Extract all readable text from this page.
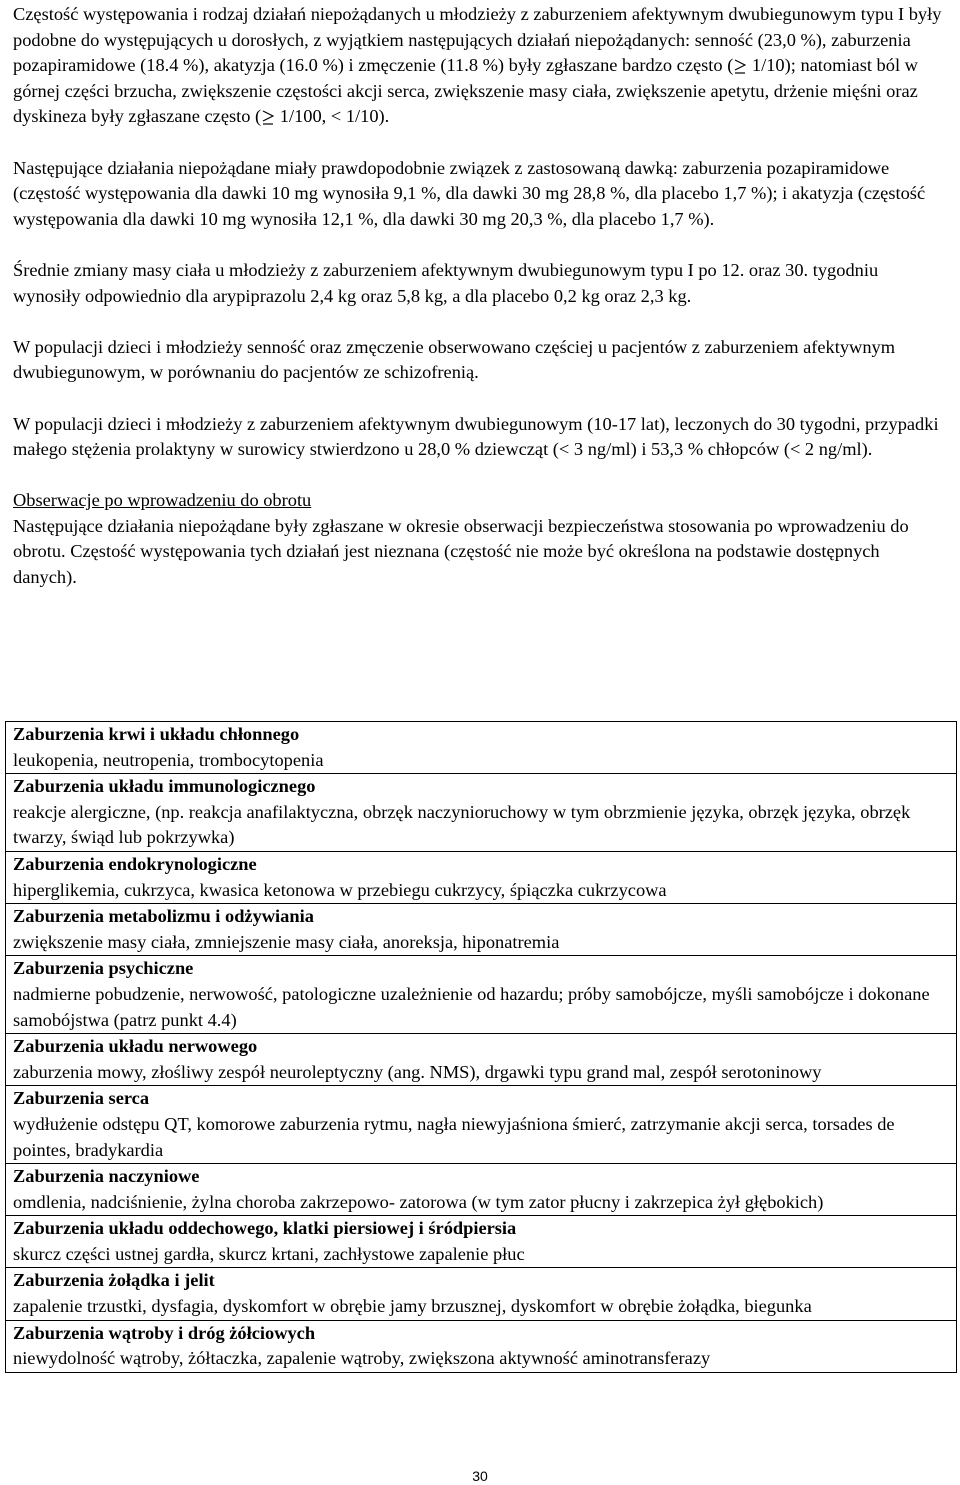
Częstość występowania i rodzaj działań niepożądanych u młodzieży z zaburzeniem afektywnym dwubiegunowym typu I były podobne do występujących u dorosłych, z wyjątkiem następujących działań niepożądanych: senność (23,0 %), zaburzenia pozapiramidowe (18.4 %), akatyzja (16.0 %) i zmęczenie (11.8 %) były zgłaszane bardzo często ( 1/10); natomiast ból w górnej części brzucha, zwiększenie częstości akcji serca, zwiększenie masy ciała, zwiększenie apetytu, drżenie mięśni oraz dyskineza były zgłaszane często ( 1/100, < 1/10).

Następujące działania niepożądane miały prawdopodobnie związek z zastosowaną dawką: zaburzenia pozapiramidowe (częstość występowania dla dawki 10 mg wynosiła 9,1 %, dla dawki 30 mg 28,8 %, dla placebo 1,7 %); i akatyzja (częstość występowania dla dawki 10 mg wynosiła 12,1 %, dla dawki 30 mg 20,3 %, dla placebo 1,7 %).

Średnie zmiany masy ciała u młodzieży z zaburzeniem afektywnym dwubiegunowym typu I po 12. oraz 30. tygodniu wynosiły odpowiednio dla arypiprazolu 2,4 kg oraz 5,8 kg, a dla placebo 0,2 kg oraz 2,3 kg.

W populacji dzieci i młodzieży senność oraz zmęczenie obserwowano częściej u pacjentów z zaburzeniem afektywnym dwubiegunowym, w porównaniu do pacjentów ze schizofrenią.

W populacji dzieci i młodzieży z zaburzeniem afektywnym dwubiegunowym (10-17 lat), leczonych do 30 tygodni, przypadki małego stężenia prolaktyny w surowicy stwierdzono u 28,0 % dziewcząt (< 3 ng/ml) i 53,3 % chłopców (< 2 ng/ml).

Obserwacje po wprowadzeniu do obrotu
Następujące działania niepożądane były zgłaszane w okresie obserwacji bezpieczeństwa stosowania po wprowadzeniu do obrotu. Częstość występowania tych działań jest nieznana (częstość nie może być określona na podstawie dostępnych danych).

Zaburzenia krwi i układu chłonnego
leukopenia, neutropenia, trombocytopenia

Zaburzenia układu immunologicznego
reakcje alergiczne, (np. reakcja anafilaktyczna, obrzęk naczynioruchowy w tym obrzmienie języka, obrzęk języka, obrzęk twarzy, świąd lub pokrzywka)

Zaburzenia endokrynologiczne
hiperglikemia, cukrzyca, kwasica ketonowa w przebiegu cukrzycy, śpiączka cukrzycowa

Zaburzenia metabolizmu i odżywiania
zwiększenie masy ciała, zmniejszenie masy ciała, anoreksja, hiponatremia

Zaburzenia psychiczne
nadmierne pobudzenie, nerwowość, patologiczne uzależnienie od hazardu; próby samobójcze, myśli samobójcze i dokonane samobójstwa (patrz punkt 4.4)

Zaburzenia układu nerwowego
zaburzenia mowy, złośliwy zespół neuroleptyczny (ang. NMS), drgawki typu grand mal, zespół serotoninowy

Zaburzenia serca
wydłużenie odstępu QT, komorowe zaburzenia rytmu, nagła niewyjaśniona śmierć, zatrzymanie akcji serca, torsades de pointes, bradykardia

Zaburzenia naczyniowe
omdlenia, nadciśnienie, żylna choroba zakrzepowo- zatorowa (w tym zator płucny i zakrzepica żył głębokich)

Zaburzenia układu oddechowego, klatki piersiowej i śródpiersia
skurcz części ustnej gardła, skurcz krtani, zachłystowe zapalenie płuc

Zaburzenia żołądka i jelit
zapalenie trzustki, dysfagia, dyskomfort w obrębie jamy brzusznej, dyskomfort w obrębie żołądka, biegunka

Zaburzenia wątroby i dróg żółciowych
niewydolność wątroby, żółtaczka, zapalenie wątroby, zwiększona aktywność aminotransferazy
30
